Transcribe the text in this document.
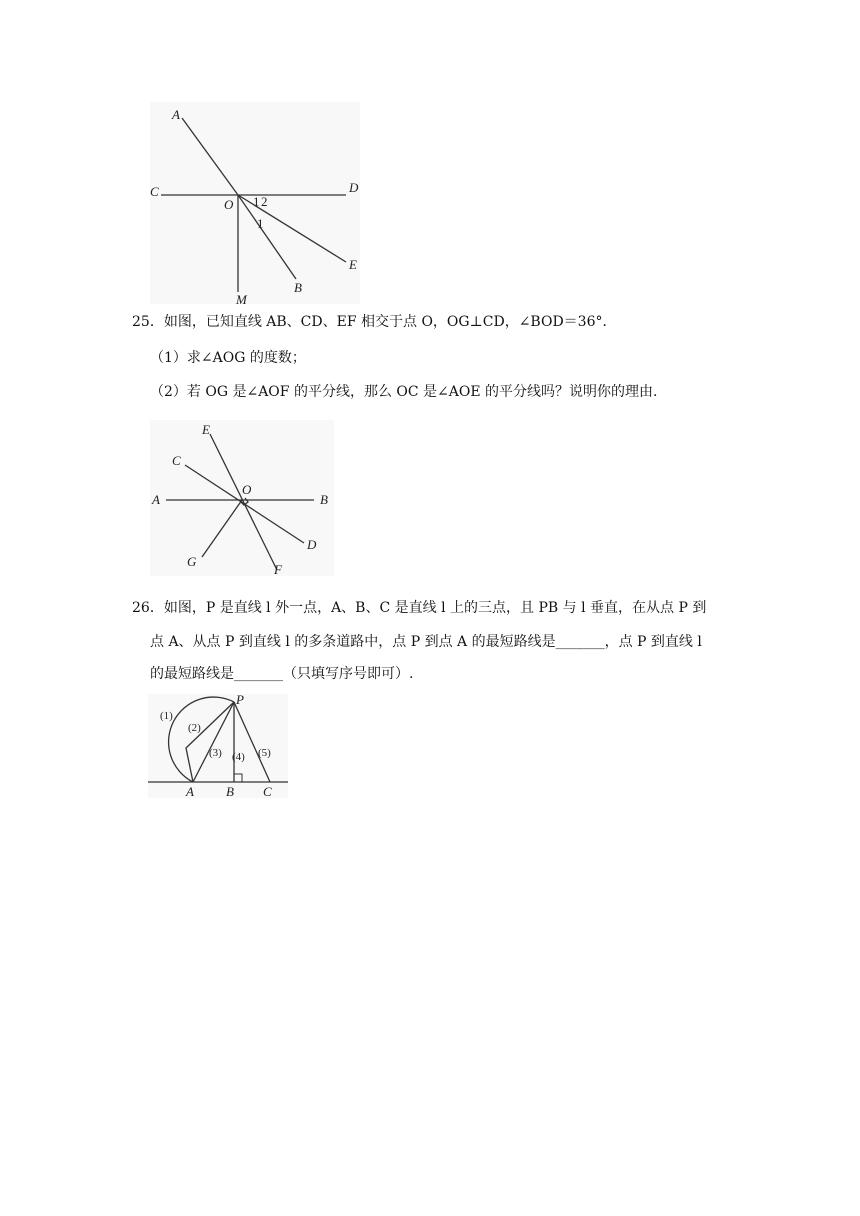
A
C	D
O 1 2
1
E
M
B
25．如图，已知直线 AB、CD、EF 相交于点 O，OG⊥CD，∠BOD＝36°．
（1）求∠AOG 的度数；
（2）若 OG 是∠AOF 的平分线，那么 OC 是∠AOE 的平分线吗？说明你的理由.
E
C
O
A	B
D
G
F
26．如图，P 是直线 l 外一点，A、B、C 是直线 l 上的三点，且 PB 与 l 垂直，在从点 P 到
点 A、从点 P 到直线 l 的多条道路中，点 P 到点 A 的最短路线是_______，点 P 到直线 l
的最短路线是_______（只填写序号即可）.
P
A B C
(1)
(2)
(3) (4) (5)
